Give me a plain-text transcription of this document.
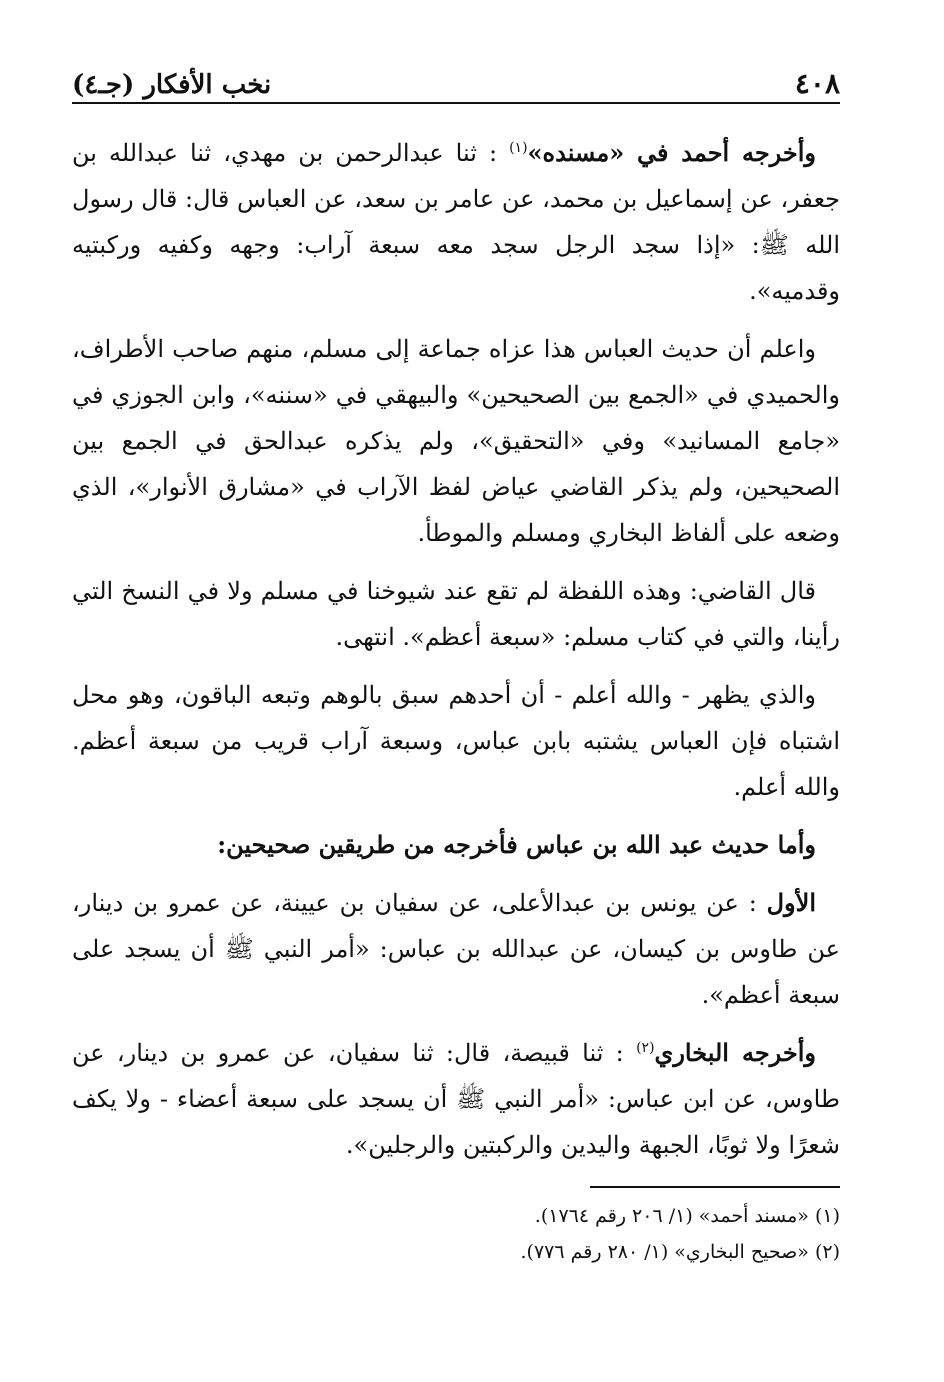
٤٠٨
نخب الأفكار (جـ٤)

وأخرجه أحمد في «مسنده»$^{(١)}$ : ثنا عبدالرحمن بن مهدي، ثنا عبدالله بن جعفر، عن إسماعيل بن محمد، عن عامر بن سعد، عن العباس قال: قال رسول الله ﷺ: «إذا سجد الرجل سجد معه سبعة آراب: وجهه وكفيه وركبتيه وقدميه».

واعلم أن حديث العباس هذا عزاه جماعة إلى مسلم، منهم صاحب الأطراف، والحميدي في «الجمع بين الصحيحين» والبيهقي في «سننه»، وابن الجوزي في «جامع المسانيد» وفي «التحقيق»، ولم يذكره عبدالحق في الجمع بين الصحيحين، ولم يذكر القاضي عياض لفظ الآراب في «مشارق الأنوار»، الذي وضعه على ألفاظ البخاري ومسلم والموطأ.

قال القاضي: وهذه اللفظة لم تقع عند شيوخنا في مسلم ولا في النسخ التي رأينا، والتي في كتاب مسلم: «سبعة أعظم». انتهى.

والذي يظهر - والله أعلم - أن أحدهم سبق بالوهم وتبعه الباقون، وهو محل اشتباه فإن العباس يشتبه بابن عباس، وسبعة آراب قريب من سبعة أعظم. والله أعلم.

وأما حديث عبد الله بن عباس فأخرجه من طريقين صحيحين:

الأول : عن يونس بن عبدالأعلى، عن سفيان بن عيينة، عن عمرو بن دينار، عن طاوس بن كيسان، عن عبدالله بن عباس: «أمر النبي ﷺ أن يسجد على سبعة أعظم».

وأخرجه البخاري$^{(٢)}$ : ثنا قبيصة، قال: ثنا سفيان، عن عمرو بن دينار، عن طاوس، عن ابن عباس: «أمر النبي ﷺ أن يسجد على سبعة أعضاء - ولا يكف شعرًا ولا ثوبًا، الجبهة واليدين والركبتين والرجلين».

(١) «مسند أحمد» (١/ ٢٠٦ رقم ١٧٦٤).

(٢) «صحيح البخاري» (١/ ٢٨٠ رقم ٧٧٦).
